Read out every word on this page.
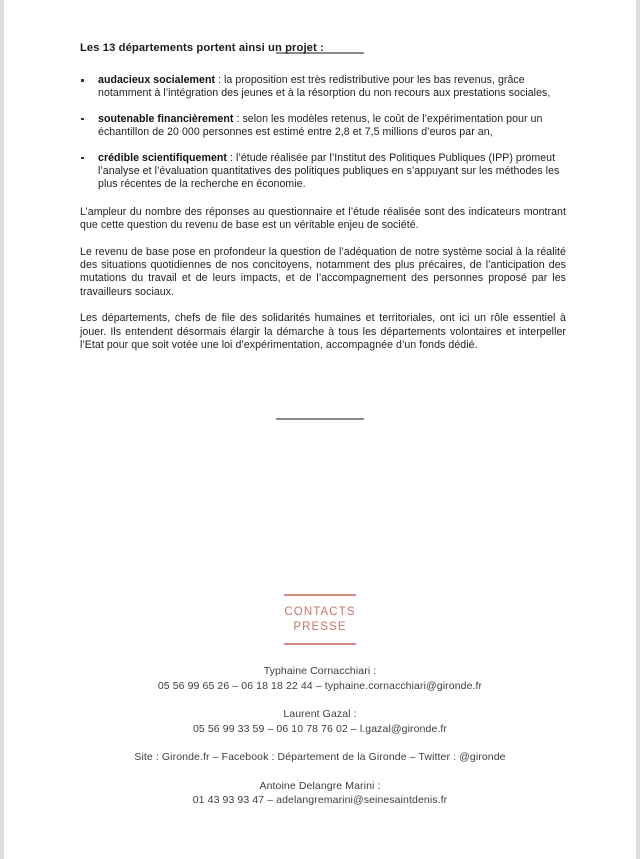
Les 13 départements portent ainsi un projet :

audacieux socialement : la proposition est très redistributive pour les bas revenus, grâce notamment à l’intégration des jeunes et à la résorption du non recours aux prestations sociales,
soutenable financièrement : selon les modèles retenus, le coût de l’expérimentation pour un échantillon de 20 000 personnes est estimé entre 2,8 et 7,5 millions d’euros par an,
crédible scientifiquement : l’étude réalisée par l’Institut des Politiques Publiques (IPP) promeut l’analyse et l’évaluation quantitatives des politiques publiques en s’appuyant sur les méthodes les plus récentes de la recherche en économie.

L’ampleur du nombre des réponses au questionnaire et l’étude réalisée sont des indicateurs montrant que cette question du revenu de base est un véritable enjeu de société.

Le revenu de base pose en profondeur la question de l’adéquation de notre système social à la réalité des situations quotidiennes de nos concitoyens, notamment des plus précaires, de l’anticipation des mutations du travail et de leurs impacts, et de l’accompagnement des personnes proposé par les travailleurs sociaux.

Les départements, chefs de file des solidarités humaines et territoriales, ont ici un rôle essentiel à jouer. Ils entendent désormais élargir la démarche à tous les départements volontaires et interpeller l’Etat pour que soit votée une loi d’expérimentation, accompagnée d’un fonds dédié.

CONTACTS

PRESSE

Typhaine Cornacchiari :
05 56 99 65 26 – 06 18 18 22 44 – typhaine.cornacchiari@gironde.fr
Laurent Gazal :
05 56 99 33 59 – 06 10 78 76 02 – l.gazal@gironde.fr
Site : Gironde.fr – Facebook : Département de la Gironde – Twitter : @gironde
Antoine Delangre Marini :
01 43 93 93 47 – adelangremarini@seinesaintdenis.fr
